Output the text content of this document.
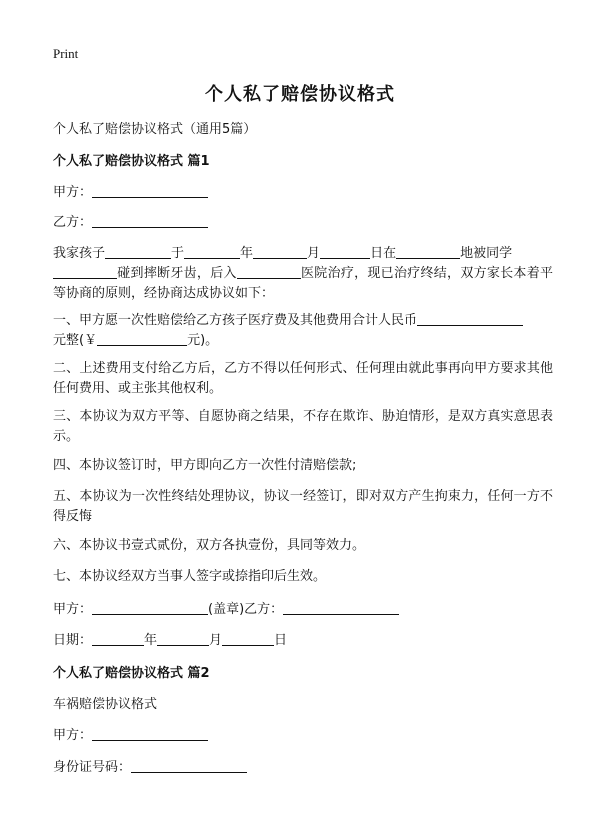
Print
个人私了赔偿协议格式
个人私了赔偿协议格式（通用5篇）
个人私了赔偿协议格式 篇1
甲方：
乙方：
我家孩子	于	年	月	日在	地被同学
碰到摔断牙齿，后入	医院治疗，现已治疗终结，双方家长本着平等协商的原则，经协商达成协议如下：
一、甲方愿一次性赔偿给乙方孩子医疗费及其他费用合计人民币
元整(￥	元)。
二、上述费用支付给乙方后，乙方不得以任何形式、任何理由就此事再向甲方要求其他任何费用、或主张其他权利。
三、本协议为双方平等、自愿协商之结果，不存在欺诈、胁迫情形，是双方真实意思表示。
四、本协议签订时，甲方即向乙方一次性付清赔偿款;
五、本协议为一次性终结处理协议，协议一经签订，即对双方产生拘束力，任何一方不得反悔
六、本协议书壹式贰份，双方各执壹份，具同等效力。
七、本协议经双方当事人签字或捺指印后生效。
甲方：	(盖章)乙方：
日期：	年	月	日
个人私了赔偿协议格式 篇2
车祸赔偿协议格式
甲方：
身份证号码：
